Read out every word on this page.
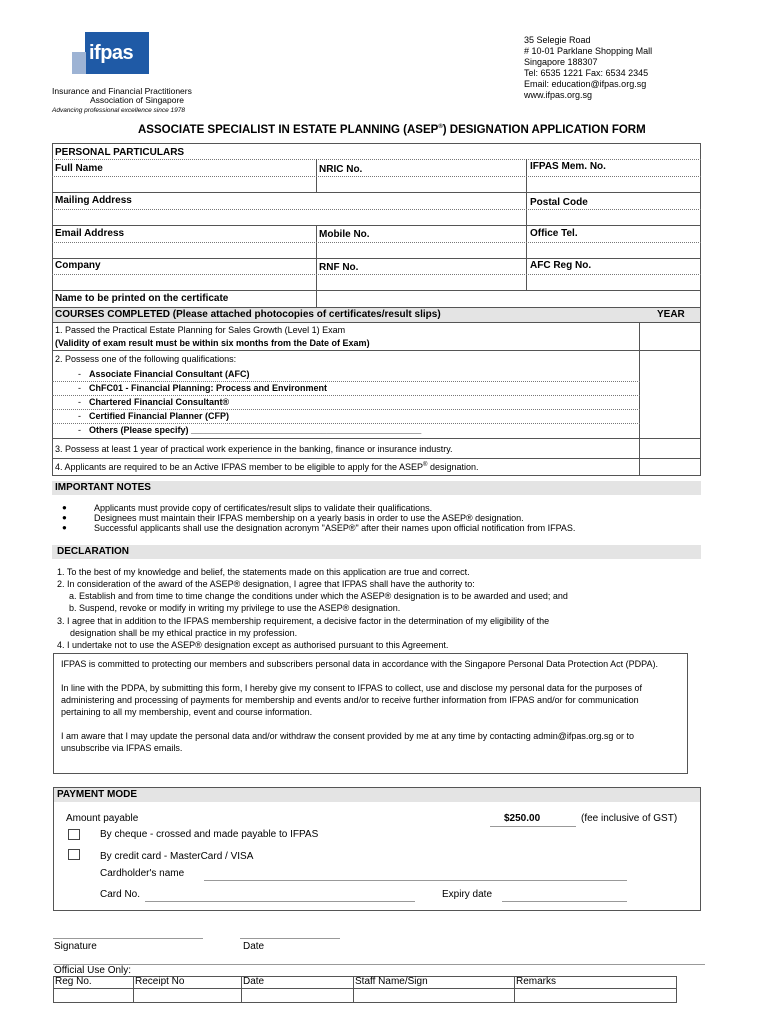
ifpas
Insurance and Financial Practitioners
Association of Singapore
Advancing professional excellence since 1978
35 Selegie Road
# 10-01 Parklane Shopping Mall
Singapore 188307
Tel: 6535 1221 Fax: 6534 2345
Email: education@ifpas.org.sg
www.ifpas.org.sg
ASSOCIATE SPECIALIST IN ESTATE PLANNING (ASEP®) DESIGNATION APPLICATION FORM
PERSONAL PARTICULARS
Full Name	NRIC No.	IFPAS Mem. No.
Mailing Address	Postal Code
Email Address	Mobile No.	Office Tel.
Company	RNF No.	AFC Reg No.
Name to be printed on the certificate
COURSES COMPLETED (Please attached photocopies of certificates/result slips)	YEAR
1. Passed the Practical Estate Planning for Sales Growth (Level 1) Exam
(Validity of exam result must be within six months from the Date of Exam)
2. Possess one of the following qualifications:
- Associate Financial Consultant (AFC)
- ChFC01 - Financial Planning: Process and Environment
- Chartered Financial Consultant®
- Certified Financial Planner (CFP)
- Others (Please specify) ______________________________________________
3. Possess at least 1 year of practical work experience in the banking, finance or insurance industry.
4. Applicants are required to be an Active IFPAS member to be eligible to apply for the ASEP® designation.
IMPORTANT NOTES
●	Applicants must provide copy of certificates/result slips to validate their qualifications.
●	Designees must maintain their IFPAS membership on a yearly basis in order to use the ASEP® designation.
●	Successful applicants shall use the designation acronym "ASEP®" after their names upon official notification from IFPAS.
DECLARATION
1. To the best of my knowledge and belief, the statements made on this application are true and correct.
2. In consideration of the award of the ASEP® designation, I agree that IFPAS shall have the authority to:
a. Establish and from time to time change the conditions under which the ASEP® designation is to be awarded and used; and
b. Suspend, revoke or modify in writing my privilege to use the ASEP® designation.
3. I agree that in addition to the IFPAS membership requirement, a decisive factor in the determination of my eligibility of the
designation shall be my ethical practice in my profession.
4. I undertake not to use the ASEP® designation except as authorised pursuant to this Agreement.
IFPAS is committed to protecting our members and subscribers personal data in accordance with the Singapore Personal Data Protection Act (PDPA).
In line with the PDPA, by submitting this form, I hereby give my consent to IFPAS to collect, use and disclose my personal data for the purposes of administering and processing of payments for membership and events and/or to receive further information from IFPAS and/or for communication pertaining to all my membership, event and course information.
I am aware that I may update the personal data and/or withdraw the consent provided by me at any time by contacting admin@ifpas.org.sg or to unsubscribe via IFPAS emails.
PAYMENT MODE
Amount payable	$250.00	(fee inclusive of GST)
By cheque - crossed and made payable to IFPAS
By credit card - MasterCard / VISA
Cardholder's name
Card No.	Expiry date
Signature	Date
Official Use Only:
Reg No.	Receipt No	Date	Staff Name/Sign	Remarks
